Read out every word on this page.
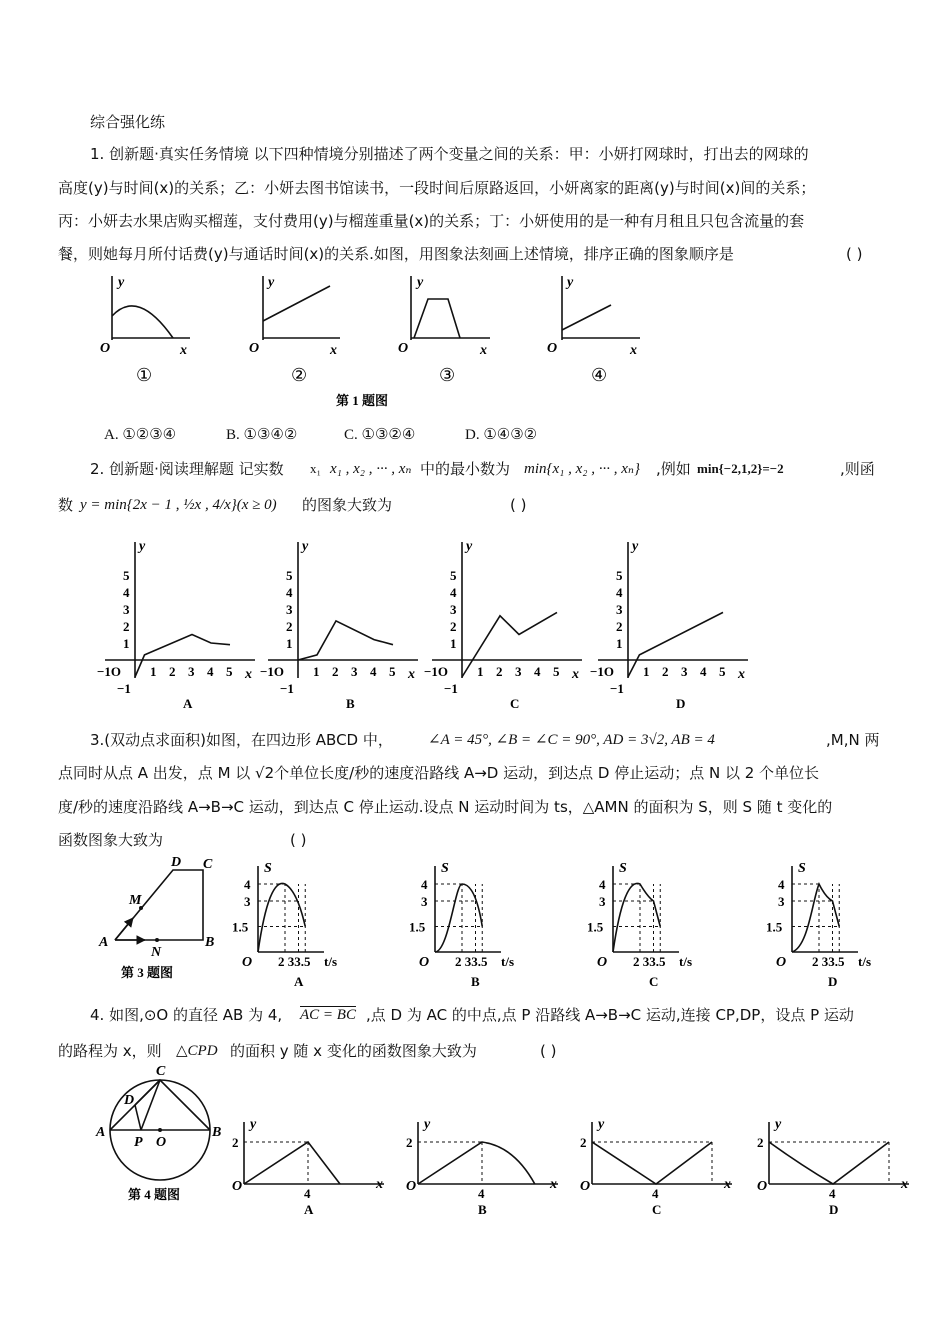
综合强化练
1. 创新题·真实任务情境 以下四种情境分别描述了两个变量之间的关系：甲：小妍打网球时，打出去的网球的
高度(y)与时间(x)的关系；乙：小妍去图书馆读书，一段时间后原路返回，小妍离家的距离(y)与时间(x)间的关系；
丙：小妍去水果店购买榴莲，支付费用(y)与榴莲重量(x)的关系；丁：小妍使用的是一种有月租且只包含流量的套
餐，则她每月所付话费(y)与通话时间(x)的关系.如图，用图象法刻画上述情境，排序正确的图象顺序是	( )
O	x
y
O	x
y
O	x
y
O	x
y
①	②	③	④
第 1 题图
A. ①②③④	B. ①③④②	C. ①③②④	D. ①④③②
2. 创新题·阅读理解题 记实数 x₁ x₁ , x₂ , ··· , xₙ 中的最小数为 min{x₁ , x₂ , ··· , xₙ} ,例如 min{−2,1,2}=−2	,则函
数 y = min{2x − 1 , ½x , 4/x}(x ≥ 0) 的图象大致为	( )
y
x
−1O
−1
5
4
3
2
1
1 2 3 4 5
A
y
x
−1O
−1
5
4
3
2
1
1 2 3 4 5
B
y
x
−1O
−1
5
4
3
2
1
1 2 3 4 5
C
y
x
−1O
−1
5
4
3
2
1
1 2 3 4 5
D
3.(双动点求面积)如图，在四边形 ABCD 中， ∠A = 45°, ∠B = ∠C = 90°, AD = 3√2, AB = 4	,M,N 两
点同时从点 A 出发，点 M 以 √2个单位长度/秒的速度沿路线 A→D 运动，到达点 D 停止运动；点 N 以 2 个单位长
度/秒的速度沿路线 A→B→C 运动，到达点 C 停止运动.设点 N 运动时间为 ts，△AMN 的面积为 S，则 S 随 t 变化的
函数图象大致为	( )
A	B
C
D
M
N
第 3 题图
S
O 2 33.5 t/s
4
3
1.5
A
S
O 2 33.5 t/s
4
3
1.5
B
S
O 2 33.5 t/s
4
3
1.5
C
S
O 2 33.5 t/s
4
3
1.5
D
4. 如图,⊙O 的直径 AB 为 4, AC = BC ,点 D 为 AC 的中点,点 P 沿路线 A→B→C 运动,连接 CP,DP，设点 P 运动
的路程为 x，则 △CPD 的面积 y 随 x 变化的函数图象大致为	( )
A	B
C
D
P O
第 4 题图
y
x
O
2
4
A
y
x
O
2
4
B
y
x
O
2
4
C
y
x
O
2
4
D
